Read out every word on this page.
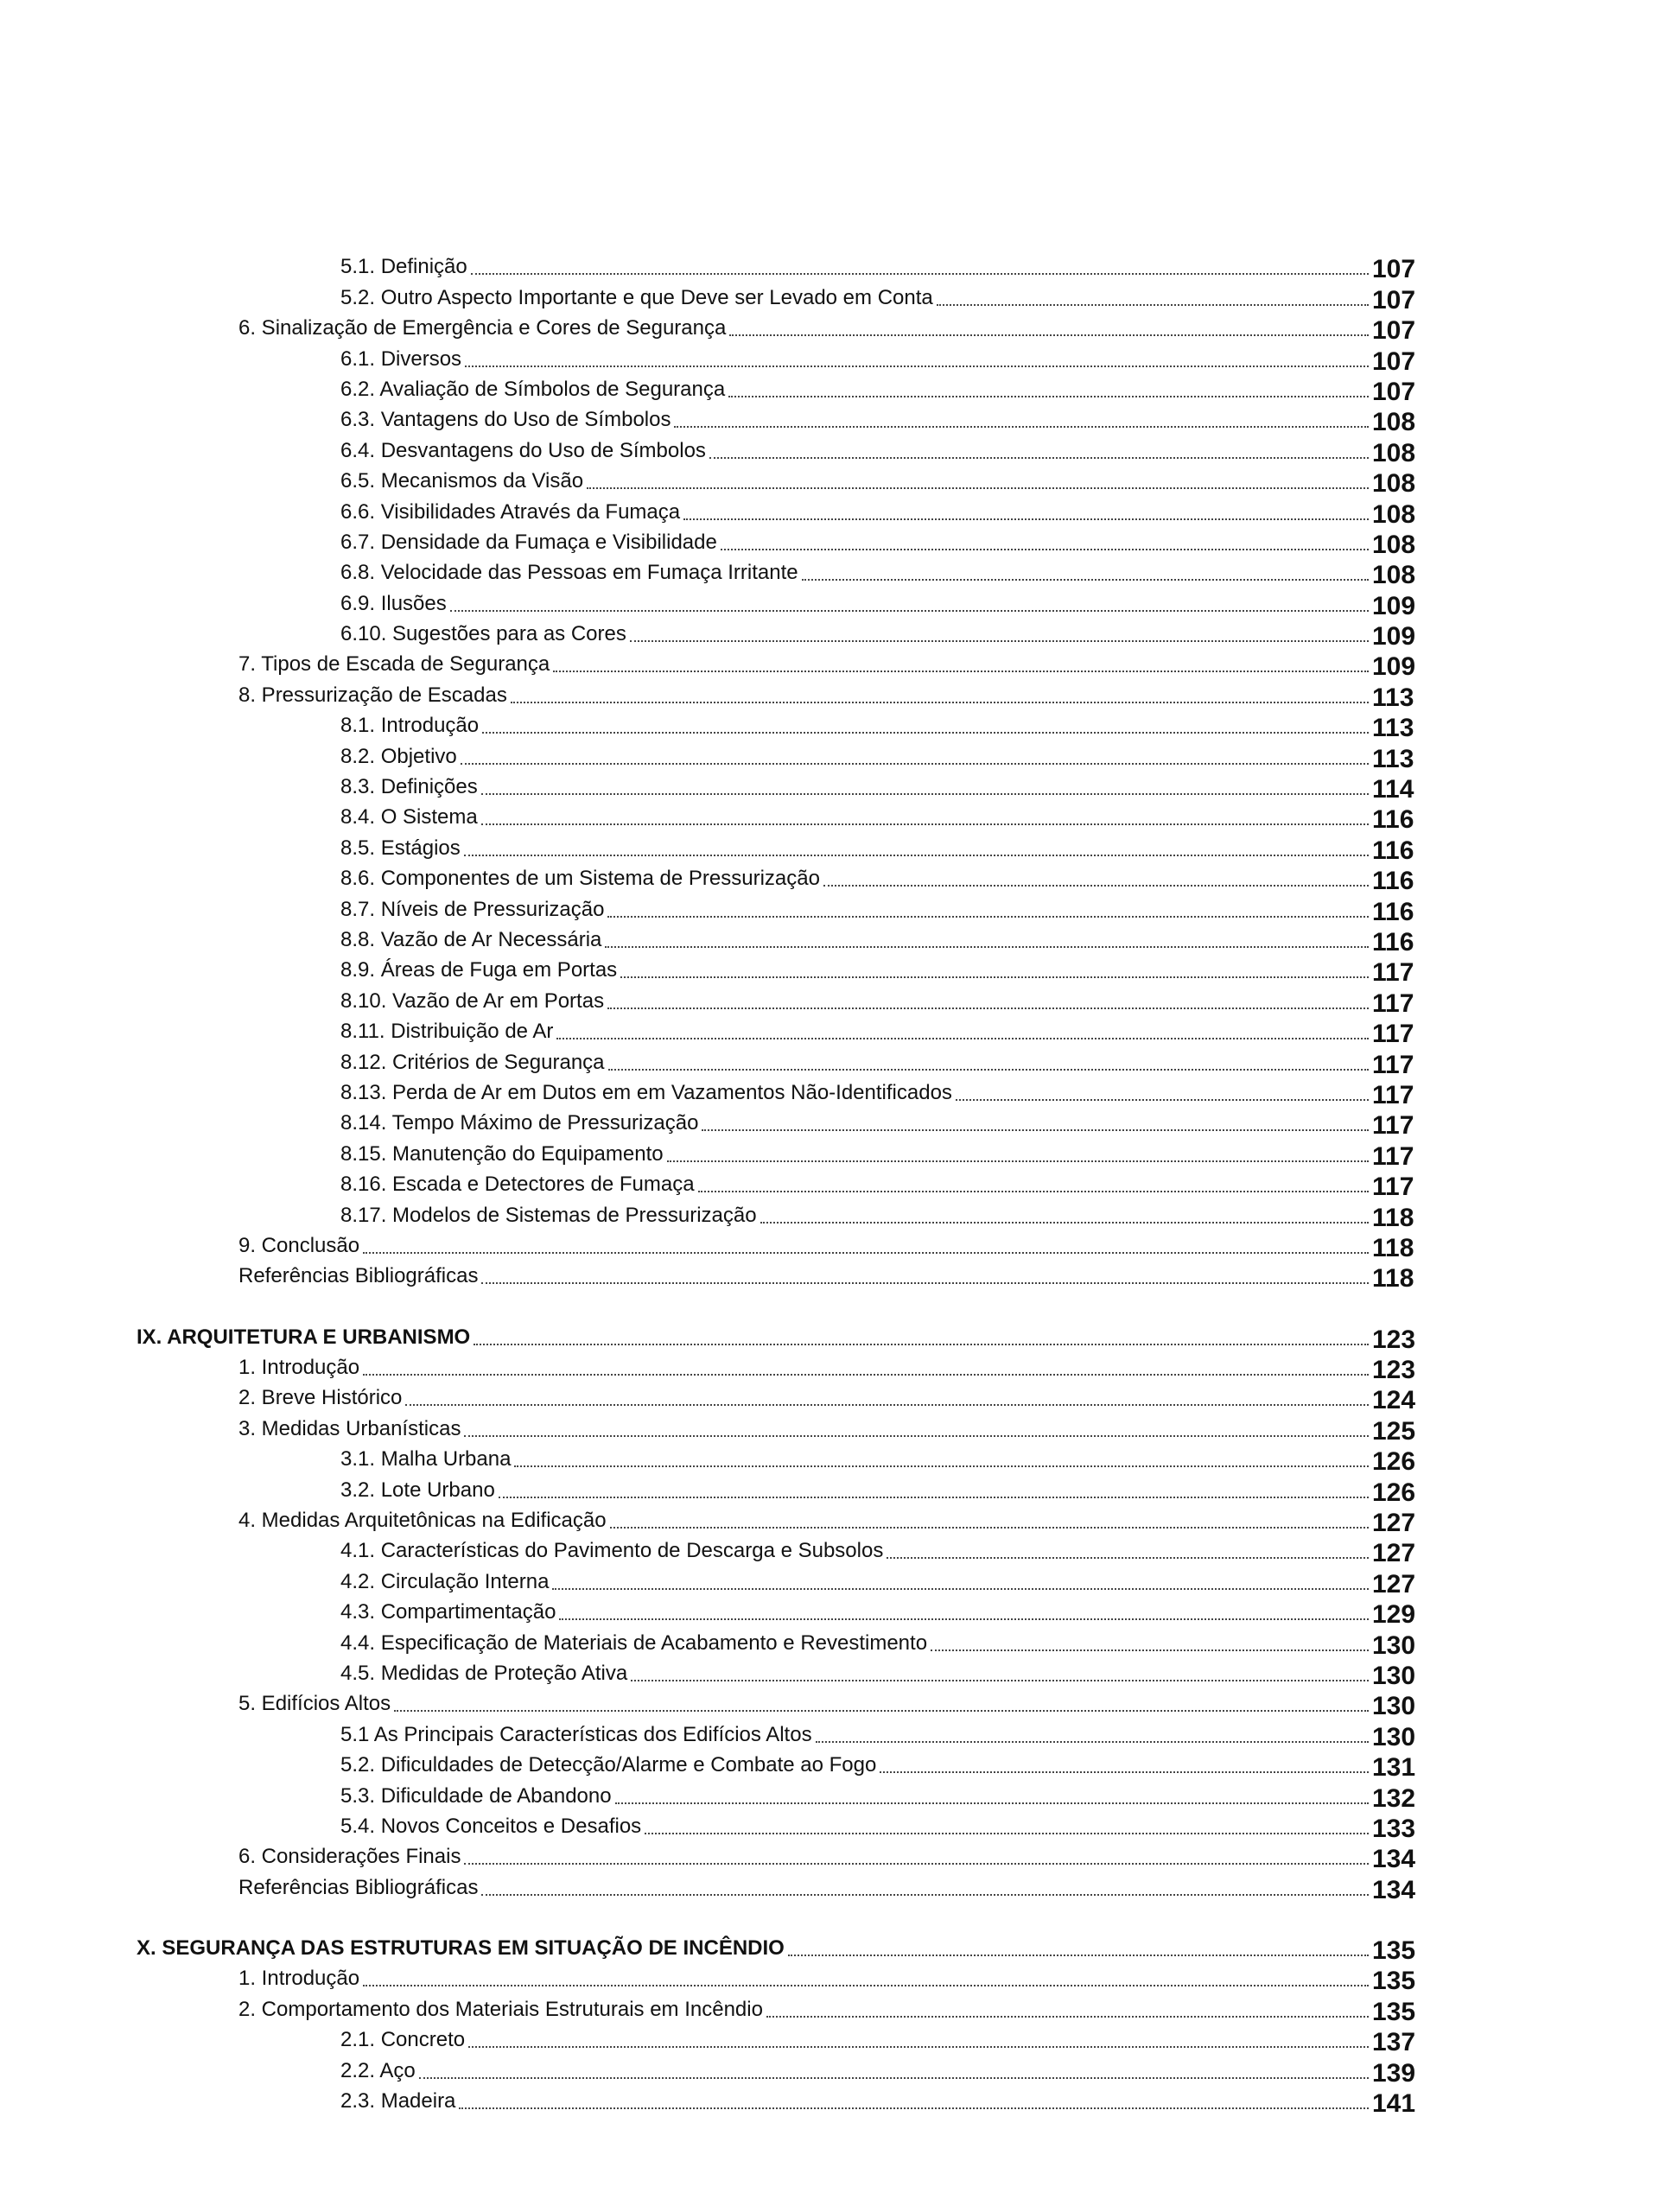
5.1. Definição	107
5.2. Outro Aspecto Importante e que Deve ser Levado em Conta	107
6. Sinalização de Emergência e Cores de Segurança	107
6.1. Diversos	107
6.2. Avaliação de Símbolos de Segurança	107
6.3. Vantagens do Uso de Símbolos	108
6.4. Desvantagens do Uso de Símbolos	108
6.5. Mecanismos da Visão	108
6.6. Visibilidades Através da Fumaça	108
6.7. Densidade da Fumaça e Visibilidade	108
6.8. Velocidade das Pessoas em Fumaça Irritante	108
6.9. Ilusões	109
6.10. Sugestões para as Cores	109
7. Tipos de Escada de Segurança	109
8. Pressurização de Escadas	113
8.1. Introdução	113
8.2. Objetivo	113
8.3. Definições	114
8.4. O Sistema	116
8.5. Estágios	116
8.6. Componentes de um Sistema de Pressurização	116
8.7. Níveis de Pressurização	116
8.8. Vazão de Ar Necessária	116
8.9. Áreas de Fuga em Portas	117
8.10. Vazão de Ar em Portas	117
8.11. Distribuição de Ar	117
8.12. Critérios de Segurança	117
8.13. Perda de Ar em Dutos em em Vazamentos Não-Identificados	117
8.14. Tempo Máximo de Pressurização	117
8.15. Manutenção do Equipamento	117
8.16. Escada e Detectores de Fumaça	117
8.17. Modelos de Sistemas de Pressurização	118
9. Conclusão	118
Referências Bibliográficas	118
IX. ARQUITETURA E URBANISMO	123
1. Introdução	123
2. Breve Histórico	124
3. Medidas Urbanísticas	125
3.1. Malha Urbana	126
3.2. Lote Urbano	126
4. Medidas Arquitetônicas na Edificação	127
4.1. Características do Pavimento de Descarga e Subsolos	127
4.2. Circulação Interna	127
4.3. Compartimentação	129
4.4. Especificação de Materiais de Acabamento e Revestimento	130
4.5. Medidas de Proteção Ativa	130
5. Edifícios Altos	130
5.1 As Principais Características dos Edifícios Altos	130
5.2. Dificuldades de Detecção/Alarme e Combate ao Fogo	131
5.3. Dificuldade de Abandono	132
5.4. Novos Conceitos e Desafios	133
6. Considerações Finais	134
Referências Bibliográficas	134
X. SEGURANÇA DAS ESTRUTURAS EM SITUAÇÃO DE INCÊNDIO	135
1. Introdução	135
2. Comportamento dos Materiais Estruturais em Incêndio	135
2.1. Concreto	137
2.2. Aço	139
2.3. Madeira	141
